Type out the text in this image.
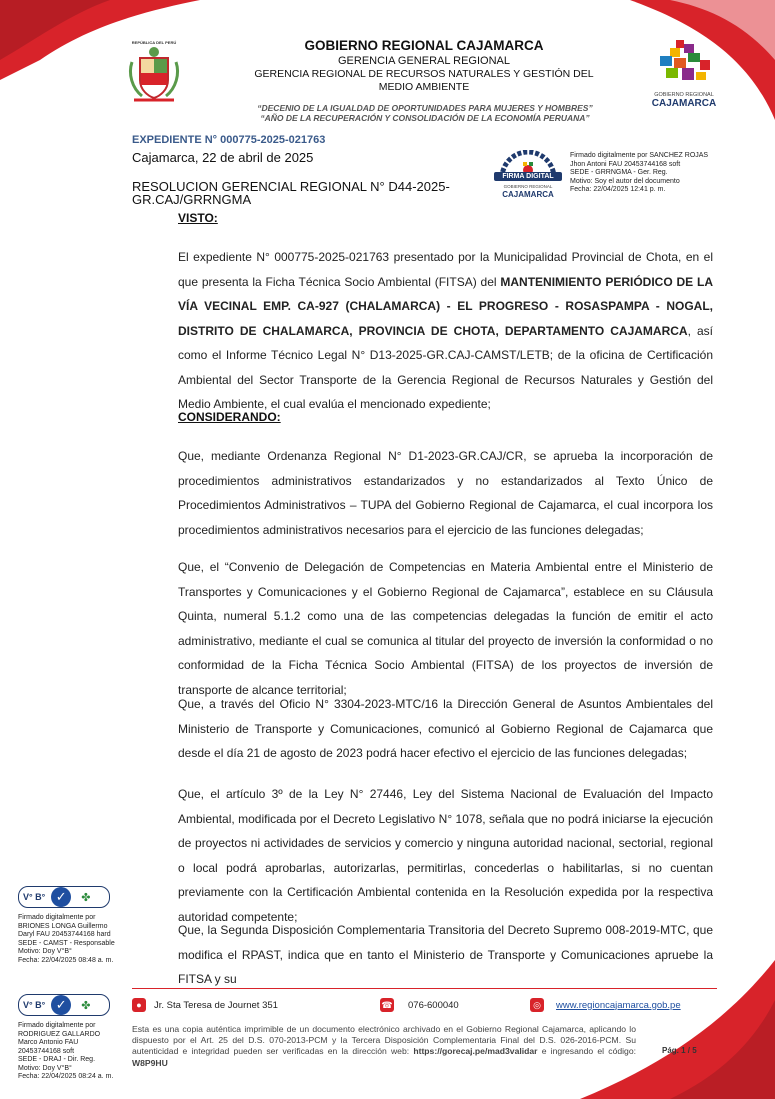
REPÚBLICA DEL PERÚ	GOBIERNO REGIONAL CAJAMARCA
GERENCIA GENERAL REGIONAL
GERENCIA REGIONAL DE RECURSOS NATURALES Y GESTIÓN DEL MEDIO AMBIENTE
“DECENIO DE LA IGUALDAD DE OPORTUNIDADES PARA MUJERES Y HOMBRES”
“AÑO DE LA RECUPERACIÓN Y CONSOLIDACIÓN DE LA ECONOMÍA PERUANA”
GOBIERNO REGIONAL
CAJAMARCA
EXPEDIENTE N° 000775-2025-021763
Cajamarca, 22 de abril de 2025
RESOLUCION GERENCIAL REGIONAL N° D44-2025-GR.CAJ/GRRNGMA
FIRMA DIGITAL
GOBIERNO REGIONAL
CAJAMARCA
Firmado digitalmente por SANCHEZ ROJAS
Jhon Antoni FAU 20453744168 soft
SEDE - GRRNGMA - Ger. Reg.
Motivo: Soy el autor del documento
Fecha: 22/04/2025 12:41 p. m.
VISTO:
El expediente N° 000775-2025-021763 presentado por la Municipalidad Provincial de Chota, en el que presenta la Ficha Técnica Socio Ambiental (FITSA) del MANTENIMIENTO PERIÓDICO DE LA VÍA VECINAL EMP. CA-927 (CHALAMARCA) - EL PROGRESO - ROSASPAMPA - NOGAL, DISTRITO DE CHALAMARCA, PROVINCIA DE CHOTA, DEPARTAMENTO CAJAMARCA, así como el Informe Técnico Legal N° D13-2025-GR.CAJ-CAMST/LETB; de la oficina de Certificación Ambiental del Sector Transporte de la Gerencia Regional de Recursos Naturales y Gestión del Medio Ambiente, el cual evalúa el mencionado expediente;
CONSIDERANDO:
Que, mediante Ordenanza Regional N° D1-2023-GR.CAJ/CR, se aprueba la incorporación de procedimientos administrativos estandarizados y no estandarizados al Texto Único de Procedimientos Administrativos – TUPA del Gobierno Regional de Cajamarca, el cual incorpora los procedimientos administrativos necesarios para el ejercicio de las funciones delegadas;
Que, el “Convenio de Delegación de Competencias en Materia Ambiental entre el Ministerio de Transportes y Comunicaciones y el Gobierno Regional de Cajamarca”, establece en su Cláusula Quinta, numeral 5.1.2 como una de las competencias delegadas la función de emitir el acto administrativo, mediante el cual se comunica al titular del proyecto de inversión la conformidad o no conformidad de la Ficha Técnica Socio Ambiental (FITSA) de los proyectos de inversión de transporte de alcance territorial;
Que, a través del Oficio N° 3304-2023-MTC/16 la Dirección General de Asuntos Ambientales del Ministerio de Transporte y Comunicaciones, comunicó al Gobierno Regional de Cajamarca que desde el día 21 de agosto de 2023 podrá hacer efectivo el ejercicio de las funciones delegadas;
Que, el artículo 3º de la Ley N° 27446, Ley del Sistema Nacional de Evaluación del Impacto Ambiental, modificada por el Decreto Legislativo N° 1078, señala que no podrá iniciarse la ejecución de proyectos ni actividades de servicios y comercio y ninguna autoridad nacional, sectorial, regional o local podrá aprobarlas, autorizarlas, permitirlas, concederlas o habilitarlas, si no cuentan previamente con la Certificación Ambiental contenida en la Resolución expedida por la respectiva autoridad competente;
Que, la Segunda Disposición Complementaria Transitoria del Decreto Supremo 008-2019-MTC, que modifica el RPAST, indica que en tanto el Ministerio de Transporte y Comunicaciones apruebe la FITSA y su
V° B° ✓	✤
Firmado digitalmente por
BRIONES LONGA Guillermo
Daryl FAU 20453744168 hard
SEDE - CAMST - Responsable
Motivo: Doy V°B°
Fecha: 22/04/2025 08:48 a. m.
V° B° ✓	✤
Firmado digitalmente por
RODRIGUEZ GALLARDO
Marco Antonio FAU
20453744168 soft
SEDE - DRAJ - Dir. Reg.
Motivo: Doy V°B°
Fecha: 22/04/2025 08:24 a. m.
●	Jr. Sta Teresa de Journet 351	☎ 076-600040	◎	www.regioncajamarca.gob.pe
Esta es una copia auténtica imprimible de un documento electrónico archivado en el Gobierno Regional Cajamarca, aplicando lo dispuesto por el Art. 25 del D.S. 070-2013-PCM y la Tercera Disposición Complementaria Final del D.S. 026-2016-PCM. Su autenticidad e integridad pueden ser verificadas en la dirección web: https://gorecaj.pe/mad3validar e ingresando el código: W8P9HU
Pág. 1 / 5
